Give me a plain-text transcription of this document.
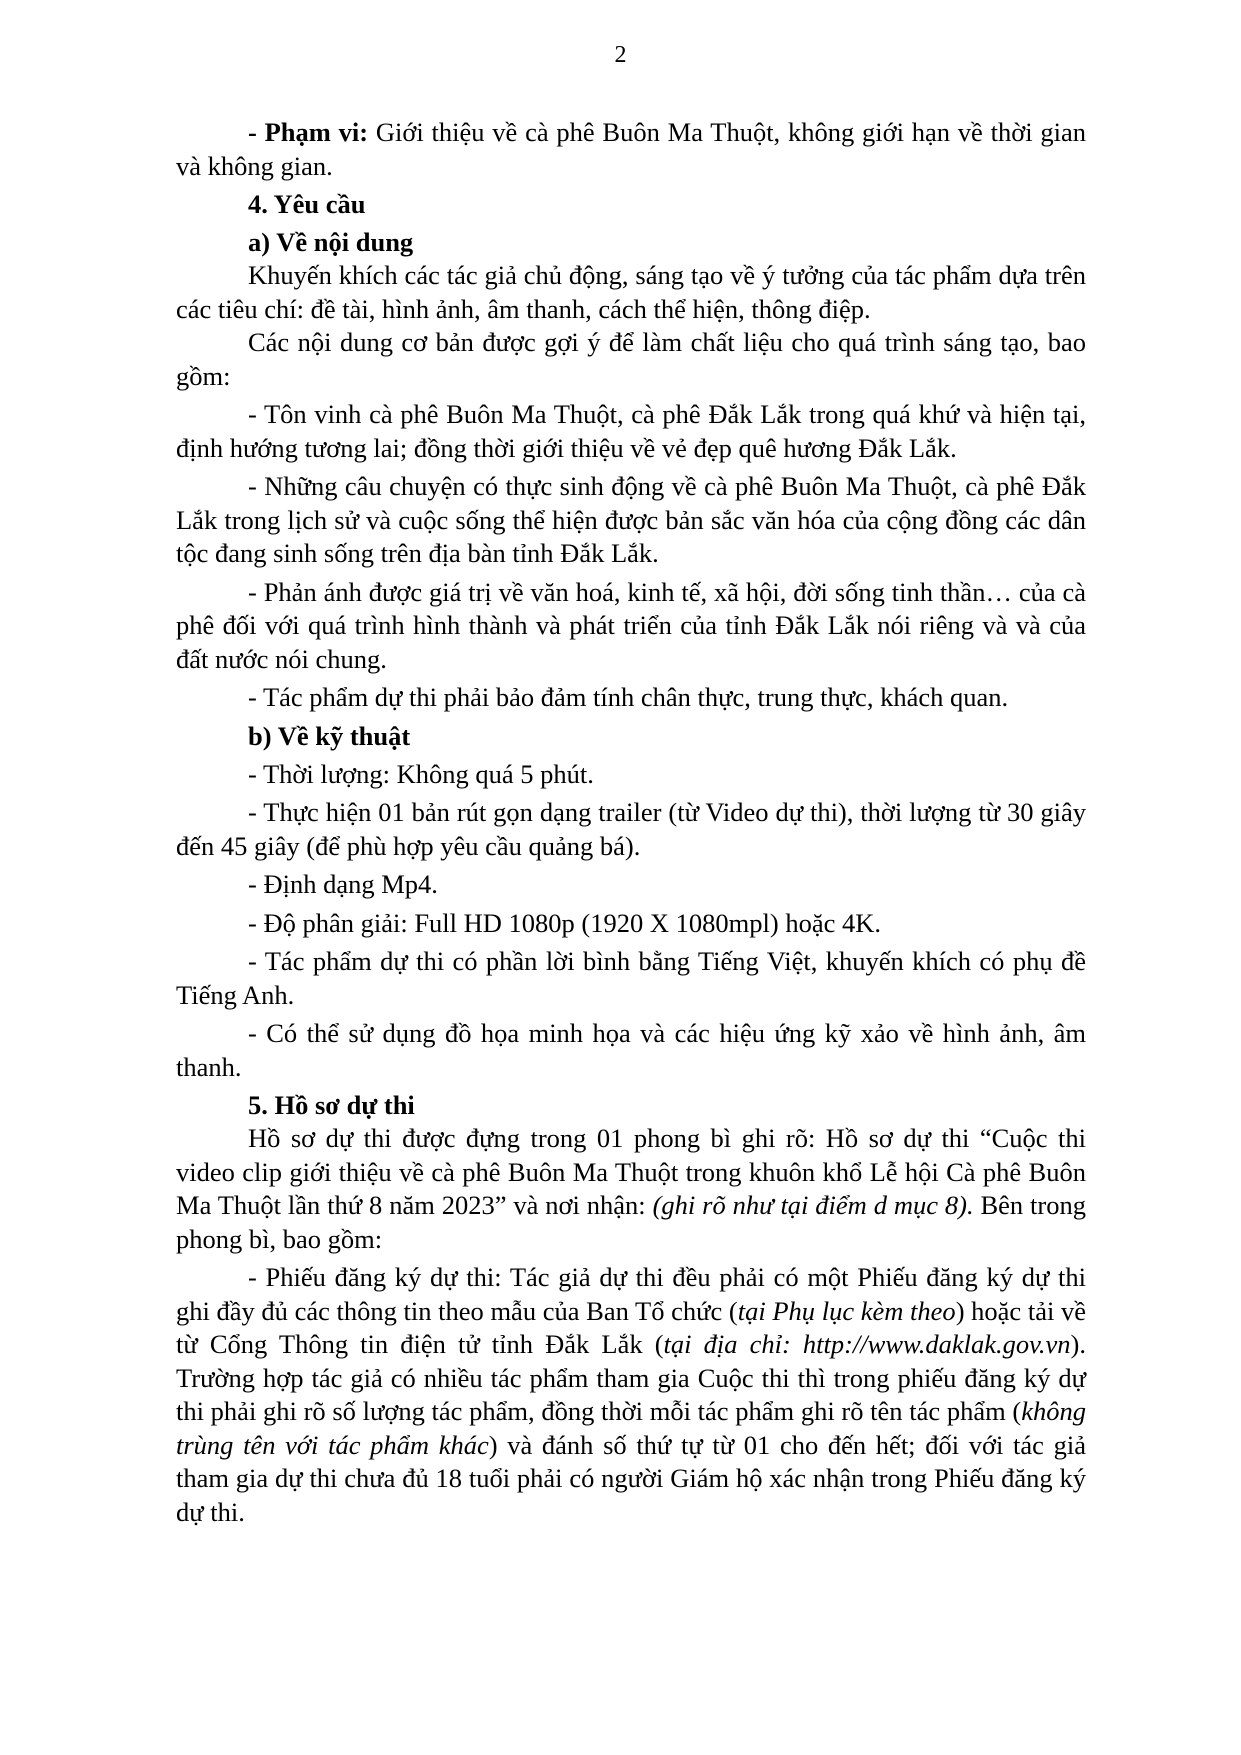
2

- Phạm vi: Giới thiệu về cà phê Buôn Ma Thuột, không giới hạn về thời gian và không gian.

4. Yêu cầu

a) Về nội dung

Khuyến khích các tác giả chủ động, sáng tạo về ý tưởng của tác phẩm dựa trên các tiêu chí: đề tài, hình ảnh, âm thanh, cách thể hiện, thông điệp.

Các nội dung cơ bản được gợi ý để làm chất liệu cho quá trình sáng tạo, bao gồm:

- Tôn vinh cà phê Buôn Ma Thuột, cà phê Đắk Lắk trong quá khứ và hiện tại, định hướng tương lai; đồng thời giới thiệu về vẻ đẹp quê hương Đắk Lắk.

- Những câu chuyện có thực sinh động về cà phê Buôn Ma Thuột, cà phê Đắk Lắk trong lịch sử và cuộc sống thể hiện được bản sắc văn hóa của cộng đồng các dân tộc đang sinh sống trên địa bàn tỉnh Đắk Lắk.

- Phản ánh được giá trị về văn hoá, kinh tế, xã hội, đời sống tinh thần… của cà phê đối với quá trình hình thành và phát triển của tỉnh Đắk Lắk nói riêng và và của đất nước nói chung.

- Tác phẩm dự thi phải bảo đảm tính chân thực, trung thực, khách quan.

b) Về kỹ thuật

- Thời lượng: Không quá 5 phút.

- Thực hiện 01 bản rút gọn dạng trailer (từ Video dự thi), thời lượng từ 30 giây đến 45 giây (để phù hợp yêu cầu quảng bá).

- Định dạng Mp4.

- Độ phân giải: Full HD 1080p (1920 X 1080mpl) hoặc 4K.

- Tác phẩm dự thi có phần lời bình bằng Tiếng Việt, khuyến khích có phụ đề Tiếng Anh.

- Có thể sử dụng đồ họa minh họa và các hiệu ứng kỹ xảo về hình ảnh, âm thanh.

5. Hồ sơ dự thi

Hồ sơ dự thi được đựng trong 01 phong bì ghi rõ: Hồ sơ dự thi “Cuộc thi video clip giới thiệu về cà phê Buôn Ma Thuột trong khuôn khổ Lễ hội Cà phê Buôn Ma Thuột lần thứ 8 năm 2023” và nơi nhận: (ghi rõ như tại điểm d mục 8). Bên trong phong bì, bao gồm:

- Phiếu đăng ký dự thi: Tác giả dự thi đều phải có một Phiếu đăng ký dự thi ghi đầy đủ các thông tin theo mẫu của Ban Tổ chức (tại Phụ lục kèm theo) hoặc tải về từ Cổng Thông tin điện tử tỉnh Đắk Lắk (tại địa chỉ: http://www.daklak.gov.vn). Trường hợp tác giả có nhiều tác phẩm tham gia Cuộc thi thì trong phiếu đăng ký dự thi phải ghi rõ số lượng tác phẩm, đồng thời mỗi tác phẩm ghi rõ tên tác phẩm (không trùng tên với tác phẩm khác) và đánh số thứ tự từ 01 cho đến hết; đối với tác giả tham gia dự thi chưa đủ 18 tuổi phải có người Giám hộ xác nhận trong Phiếu đăng ký dự thi.
